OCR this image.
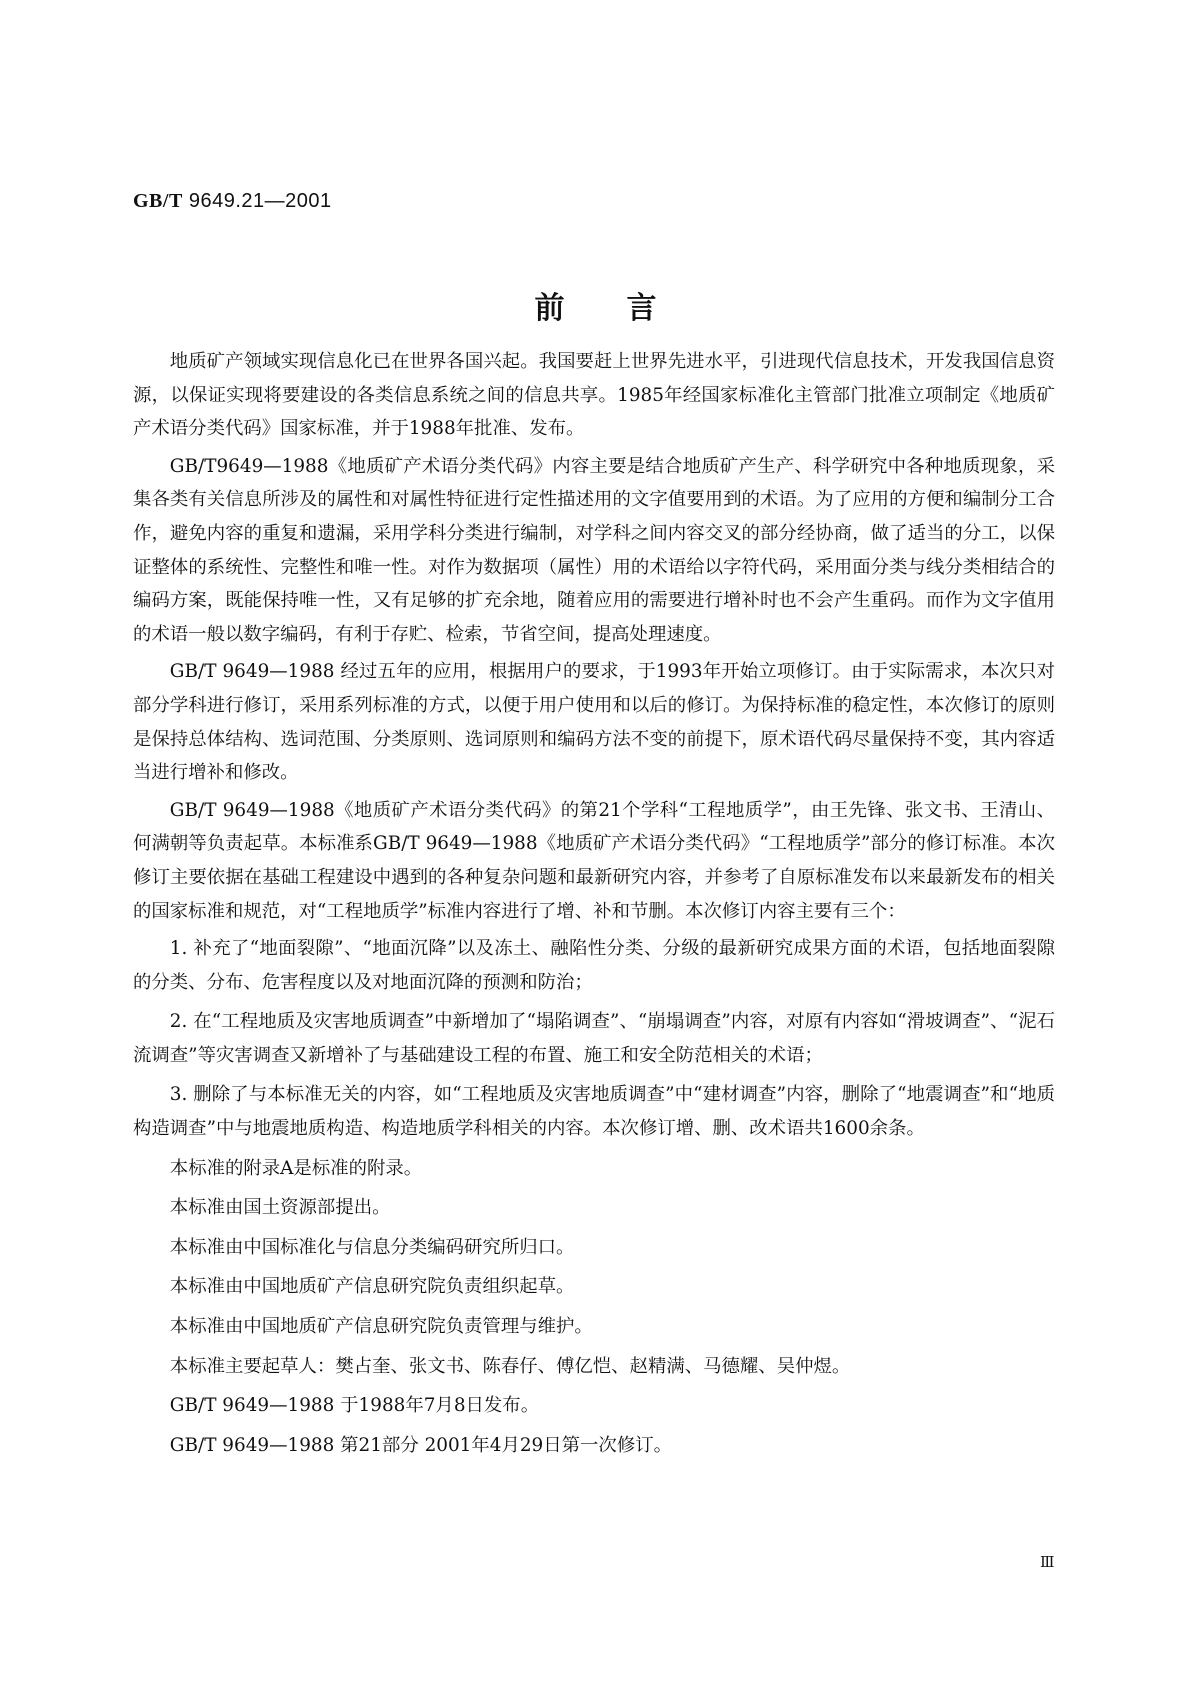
GB/T 9649.21—2001
前言

地质矿产领域实现信息化已在世界各国兴起。我国要赶上世界先进水平，引进现代信息技术，开发我国信息资源，以保证实现将要建设的各类信息系统之间的信息共享。1985年经国家标准化主管部门批准立项制定《地质矿产术语分类代码》国家标准，并于1988年批准、发布。

GB/T9649—1988《地质矿产术语分类代码》内容主要是结合地质矿产生产、科学研究中各种地质现象，采集各类有关信息所涉及的属性和对属性特征进行定性描述用的文字值要用到的术语。为了应用的方便和编制分工合作，避免内容的重复和遗漏，采用学科分类进行编制，对学科之间内容交叉的部分经协商，做了适当的分工，以保证整体的系统性、完整性和唯一性。对作为数据项（属性）用的术语给以字符代码，采用面分类与线分类相结合的编码方案，既能保持唯一性，又有足够的扩充余地，随着应用的需要进行增补时也不会产生重码。而作为文字值用的术语一般以数字编码，有利于存贮、检索，节省空间，提高处理速度。

GB/T 9649—1988 经过五年的应用，根据用户的要求，于1993年开始立项修订。由于实际需求，本次只对部分学科进行修订，采用系列标准的方式，以便于用户使用和以后的修订。为保持标准的稳定性，本次修订的原则是保持总体结构、选词范围、分类原则、选词原则和编码方法不变的前提下，原术语代码尽量保持不变，其内容适当进行增补和修改。

GB/T 9649—1988《地质矿产术语分类代码》的第21个学科“工程地质学”，由王先锋、张文书、王清山、何满朝等负责起草。本标准系GB/T 9649—1988《地质矿产术语分类代码》“工程地质学”部分的修订标准。本次修订主要依据在基础工程建设中遇到的各种复杂问题和最新研究内容，并参考了自原标准发布以来最新发布的相关的国家标准和规范，对“工程地质学”标准内容进行了增、补和节删。本次修订内容主要有三个：

1. 补充了“地面裂隙”、“地面沉降”以及冻土、融陷性分类、分级的最新研究成果方面的术语，包括地面裂隙的分类、分布、危害程度以及对地面沉降的预测和防治；

2. 在“工程地质及灾害地质调查”中新增加了“塌陷调查”、“崩塌调查”内容，对原有内容如“滑坡调查”、“泥石流调查”等灾害调查又新增补了与基础建设工程的布置、施工和安全防范相关的术语；

3. 删除了与本标准无关的内容，如“工程地质及灾害地质调查”中“建材调查”内容，删除了“地震调查”和“地质构造调查”中与地震地质构造、构造地质学科相关的内容。本次修订增、删、改术语共1600余条。

本标准的附录A是标准的附录。

本标准由国土资源部提出。

本标准由中国标准化与信息分类编码研究所归口。

本标准由中国地质矿产信息研究院负责组织起草。

本标准由中国地质矿产信息研究院负责管理与维护。

本标准主要起草人：樊占奎、张文书、陈春仔、傅亿恺、赵精满、马德耀、吴仲煜。

GB/T 9649—1988 于1988年7月8日发布。

GB/T 9649—1988 第21部分 2001年4月29日第一次修订。

Ⅲ
